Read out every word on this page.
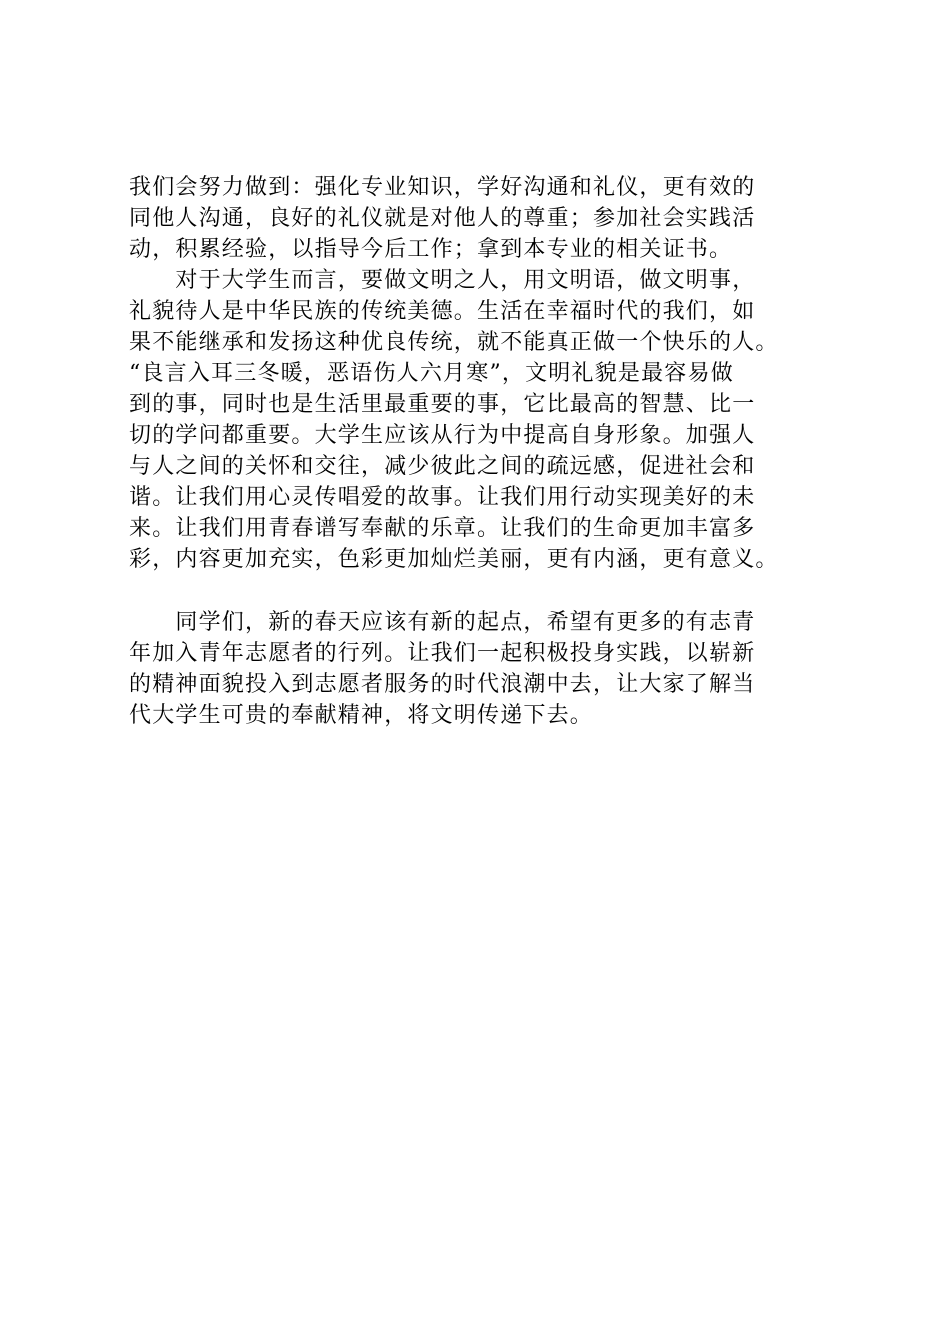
我们会努力做到：强化专业知识，学好沟通和礼仪，更有效的
同他人沟通，良好的礼仪就是对他人的尊重；参加社会实践活
动，积累经验，以指导今后工作；拿到本专业的相关证书。
　　对于大学生而言，要做文明之人，用文明语，做文明事，
礼貌待人是中华民族的传统美德。生活在幸福时代的我们，如
果不能继承和发扬这种优良传统，就不能真正做一个快乐的人。
“良言入耳三冬暖，恶语伤人六月寒”，文明礼貌是最容易做
到的事，同时也是生活里最重要的事，它比最高的智慧、比一
切的学问都重要。大学生应该从行为中提高自身形象。加强人
与人之间的关怀和交往，减少彼此之间的疏远感，促进社会和
谐。让我们用心灵传唱爱的故事。让我们用行动实现美好的未
来。让我们用青春谱写奉献的乐章。让我们的生命更加丰富多
彩，内容更加充实，色彩更加灿烂美丽，更有内涵，更有意义。
　　同学们，新的春天应该有新的起点，希望有更多的有志青
年加入青年志愿者的行列。让我们一起积极投身实践，以崭新
的精神面貌投入到志愿者服务的时代浪潮中去，让大家了解当
代大学生可贵的奉献精神，将文明传递下去。
